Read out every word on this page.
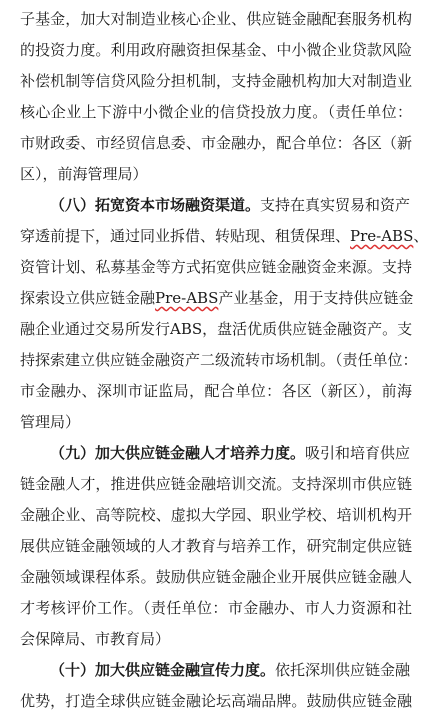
子基金，加大对制造业核心企业、供应链金融配套服务机构
的投资力度。利用政府融资担保基金、中小微企业贷款风险
补偿机制等信贷风险分担机制，支持金融机构加大对制造业
核心企业上下游中小微企业的信贷投放力度。（责任单位：
市财政委、市经贸信息委、市金融办，配合单位：各区（新
区），前海管理局）
（八）拓宽资本市场融资渠道。支持在真实贸易和资产
穿透前提下，通过同业拆借、转贴现、租赁保理、Pre-ABS、
资管计划、私募基金等方式拓宽供应链金融资金来源。支持
探索设立供应链金融Pre-ABS产业基金，用于支持供应链金
融企业通过交易所发行ABS，盘活优质供应链金融资产。支
持探索建立供应链金融资产二级流转市场机制。（责任单位：
市金融办、深圳市证监局，配合单位：各区（新区），前海
管理局）
（九）加大供应链金融人才培养力度。吸引和培育供应
链金融人才，推进供应链金融培训交流。支持深圳市供应链
金融企业、高等院校、虚拟大学园、职业学校、培训机构开
展供应链金融领域的人才教育与培养工作，研究制定供应链
金融领域课程体系。鼓励供应链金融企业开展供应链金融人
才考核评价工作。（责任单位：市金融办、市人力资源和社
会保障局、市教育局）
（十）加大供应链金融宣传力度。依托深圳供应链金融
优势，打造全球供应链金融论坛高端品牌。鼓励供应链金融
